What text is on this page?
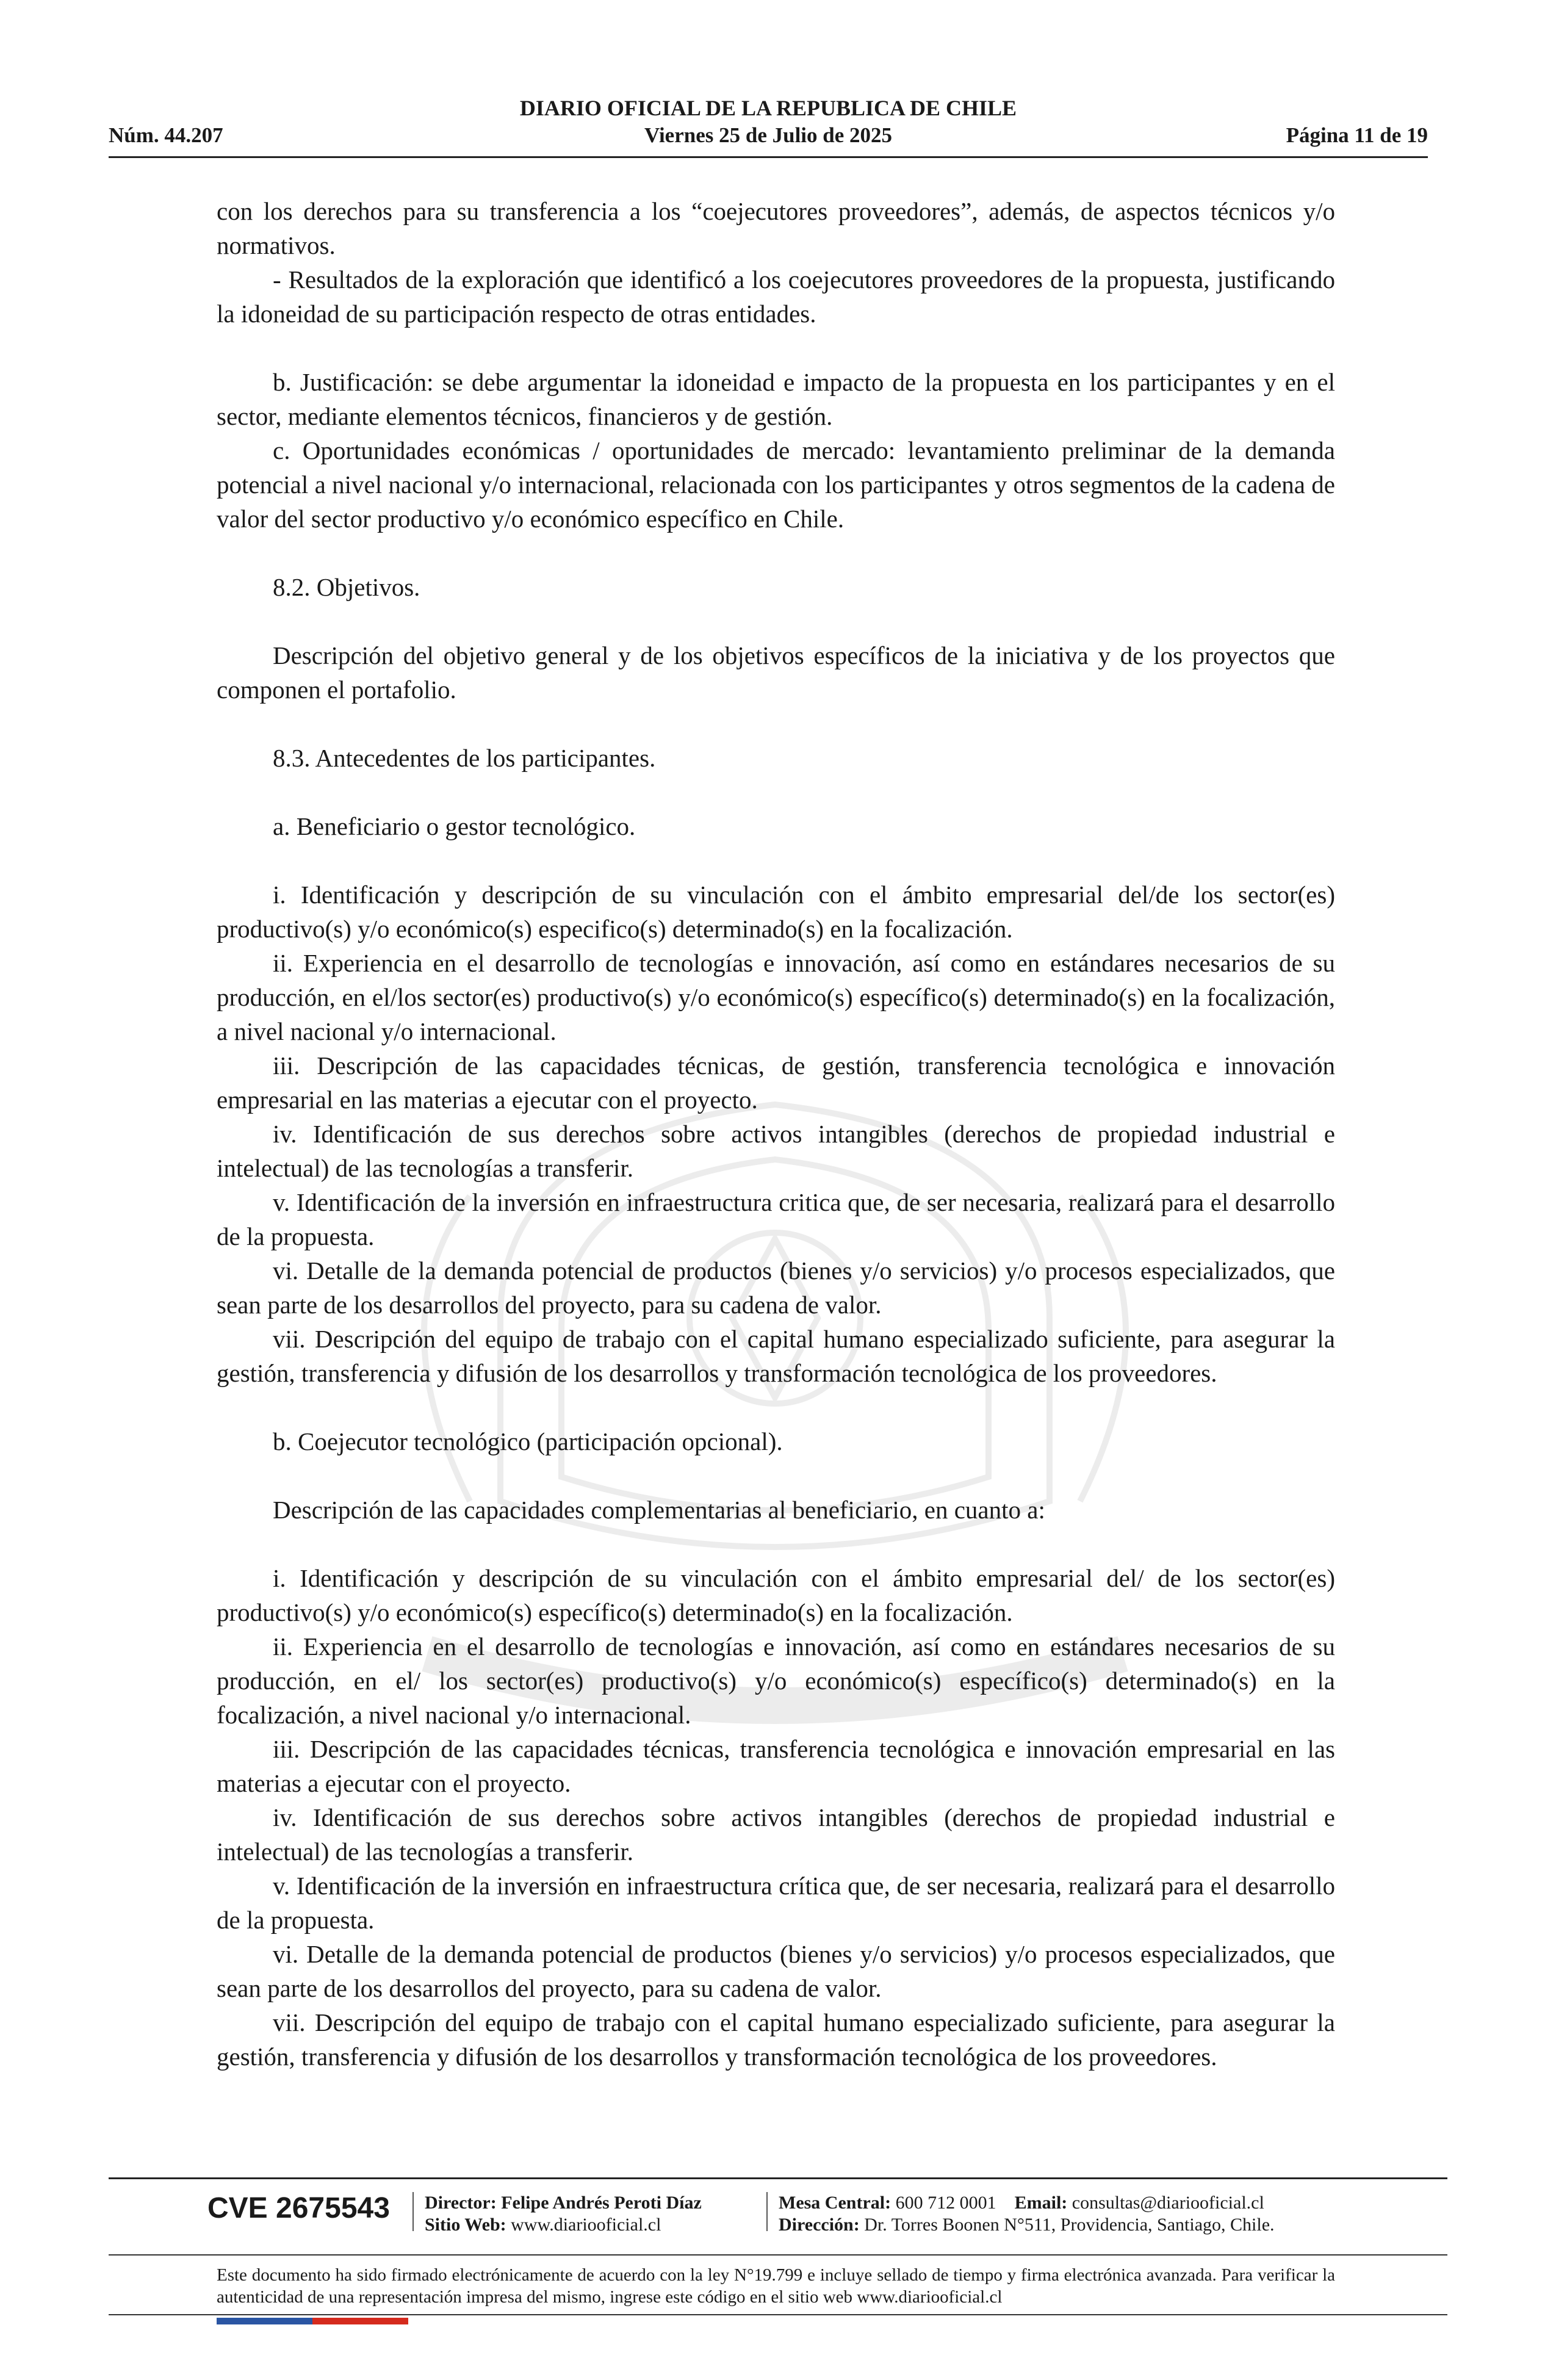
DIARIO OFICIAL DE LA REPUBLICA DE CHILE
Núm. 44.207	Viernes 25 de Julio de 2025	Página 11 de 19

con los derechos para su transferencia a los “coejecutores proveedores”, además, de aspectos técnicos y/o normativos.

- Resultados de la exploración que identificó a los coejecutores proveedores de la propuesta, justificando la idoneidad de su participación respecto de otras entidades.

b. Justificación: se debe argumentar la idoneidad e impacto de la propuesta en los participantes y en el sector, mediante elementos técnicos, financieros y de gestión.

c. Oportunidades económicas / oportunidades de mercado: levantamiento preliminar de la demanda potencial a nivel nacional y/o internacional, relacionada con los participantes y otros segmentos de la cadena de valor del sector productivo y/o económico específico en Chile.

8.2. Objetivos.

Descripción del objetivo general y de los objetivos específicos de la iniciativa y de los proyectos que componen el portafolio.

8.3. Antecedentes de los participantes.

a. Beneficiario o gestor tecnológico.

i. Identificación y descripción de su vinculación con el ámbito empresarial del/de los sector(es) productivo(s) y/o económico(s) especifico(s) determinado(s) en la focalización.

ii. Experiencia en el desarrollo de tecnologías e innovación, así como en estándares necesarios de su producción, en el/los sector(es) productivo(s) y/o económico(s) específico(s) determinado(s) en la focalización, a nivel nacional y/o internacional.

iii. Descripción de las capacidades técnicas, de gestión, transferencia tecnológica e innovación empresarial en las materias a ejecutar con el proyecto.

iv. Identificación de sus derechos sobre activos intangibles (derechos de propiedad industrial e intelectual) de las tecnologías a transferir.

v. Identificación de la inversión en infraestructura critica que, de ser necesaria, realizará para el desarrollo de la propuesta.

vi. Detalle de la demanda potencial de productos (bienes y/o servicios) y/o procesos especializados, que sean parte de los desarrollos del proyecto, para su cadena de valor.

vii. Descripción del equipo de trabajo con el capital humano especializado suficiente, para asegurar la gestión, transferencia y difusión de los desarrollos y transformación tecnológica de los proveedores.

b. Coejecutor tecnológico (participación opcional).

Descripción de las capacidades complementarias al beneficiario, en cuanto a:

i. Identificación y descripción de su vinculación con el ámbito empresarial del/ de los sector(es) productivo(s) y/o económico(s) específico(s) determinado(s) en la focalización.

ii. Experiencia en el desarrollo de tecnologías e innovación, así como en estándares necesarios de su producción, en el/ los sector(es) productivo(s) y/o económico(s) específico(s) determinado(s) en la focalización, a nivel nacional y/o internacional.

iii. Descripción de las capacidades técnicas, transferencia tecnológica e innovación empresarial en las materias a ejecutar con el proyecto.

iv. Identificación de sus derechos sobre activos intangibles (derechos de propiedad industrial e intelectual) de las tecnologías a transferir.

v. Identificación de la inversión en infraestructura crítica que, de ser necesaria, realizará para el desarrollo de la propuesta.

vi. Detalle de la demanda potencial de productos (bienes y/o servicios) y/o procesos especializados, que sean parte de los desarrollos del proyecto, para su cadena de valor.

vii. Descripción del equipo de trabajo con el capital humano especializado suficiente, para asegurar la gestión, transferencia y difusión de los desarrollos y transformación tecnológica de los proveedores.

CVE 2675543 Director: Felipe Andrés Peroti Díaz
Sitio Web: www.diariooficial.cl
Mesa Central: 600 712 0001 Email: consultas@diariooficial.cl
Dirección: Dr. Torres Boonen N°511, Providencia, Santiago, Chile.
Este documento ha sido firmado electrónicamente de acuerdo con la ley N°19.799 e incluye sellado de tiempo y firma electrónica avanzada. Para verificar la autenticidad de una representación impresa del mismo, ingrese este código en el sitio web www.diariooficial.cl
